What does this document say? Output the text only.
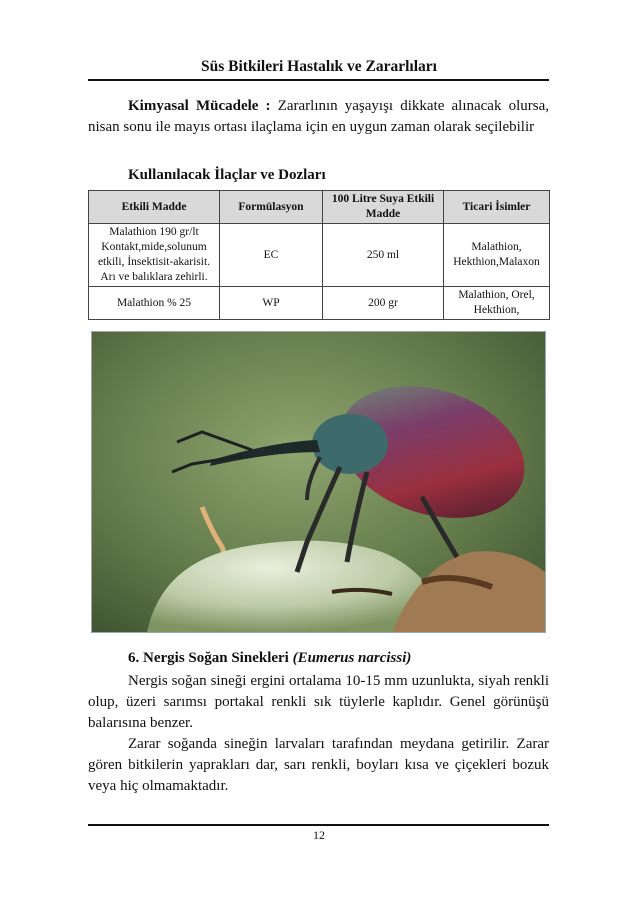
Süs Bitkileri Hastalık ve Zararlıları

Kimyasal Mücadele : Zararlının yaşayışı dikkate alınacak olursa, nisan sonu ile mayıs ortası ilaçlama için en uygun zaman olarak seçilebilir

Kullanılacak İlaçlar ve Dozları
Etkili Madde	Formülasyon	100 Litre Suya Etkili Madde	Ticari İsimler
Malathion 190 gr/lt Kontakt,mide,solunum etkili, İnsektisit-akarisit. Arı ve balıklara zehirli.	EC	250 ml	Malathion, Hekthion,Malaxon
Malathion % 25	WP	200 gr	Malathion, Orel, Hekthion,
6. Nergis Soğan Sinekleri (Eumerus narcissi)

Nergis soğan sineği ergini ortalama 10-15 mm uzunlukta, siyah renkli olup, üzeri sarımsı portakal renkli sık tüylerle kaplıdır. Genel görünüşü balarısına benzer.
Zarar soğanda sineğin larvaları tarafından meydana getirilir. Zarar gören bitkilerin yaprakları dar, sarı renkli, boyları kısa ve çiçekleri bozuk veya hiç olmamaktadır.

12
